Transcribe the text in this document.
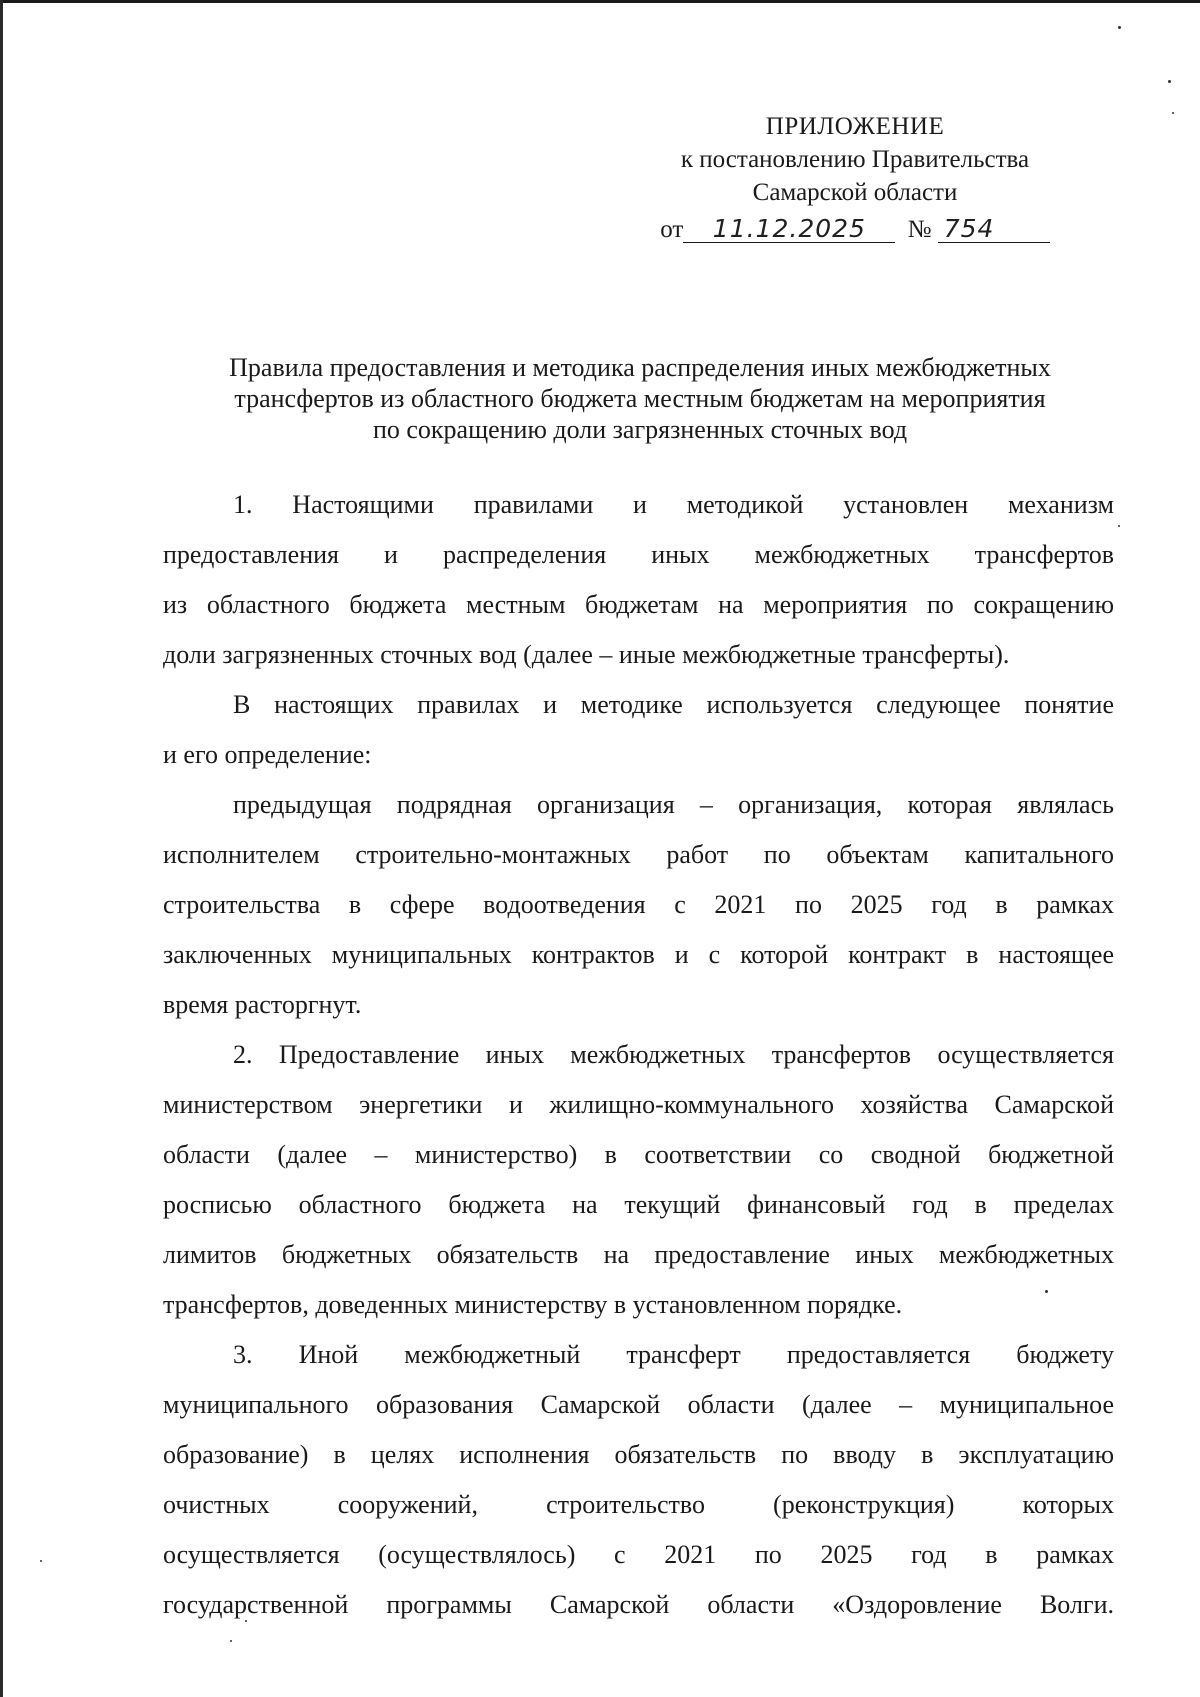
ПРИЛОЖЕНИЕ
к постановлению Правительства
Самарской области
от 11.12.2025 № 754
Правила предоставления и методика распределения иных межбюджетных
трансфертов из областного бюджета местным бюджетам на мероприятия
по сокращению доли загрязненных сточных вод
1. Настоящими правилами и методикой установлен механизм
предоставления и распределения иных межбюджетных трансфертов
из областного бюджета местным бюджетам на мероприятия по сокращению
доли загрязненных сточных вод (далее – иные межбюджетные трансферты).
В настоящих правилах и методике используется следующее понятие
и его определение:
предыдущая подрядная организация – организация, которая являлась
исполнителем строительно-монтажных работ по объектам капитального
строительства в сфере водоотведения с 2021 по 2025 год в рамках
заключенных муниципальных контрактов и с которой контракт в настоящее
время расторгнут.
2. Предоставление иных межбюджетных трансфертов осуществляется
министерством энергетики и жилищно-коммунального хозяйства Самарской
области (далее – министерство) в соответствии со сводной бюджетной
росписью областного бюджета на текущий финансовый год в пределах
лимитов бюджетных обязательств на предоставление иных межбюджетных
трансфертов, доведенных министерству в установленном порядке.
3. Иной межбюджетный трансферт предоставляется бюджету
муниципального образования Самарской области (далее – муниципальное
образование) в целях исполнения обязательств по вводу в эксплуатацию
очистных сооружений, строительство (реконструкция) которых
осуществляется (осуществлялось) с 2021 по 2025 год в рамках
государственной программы Самарской области «Оздоровление Волги.
